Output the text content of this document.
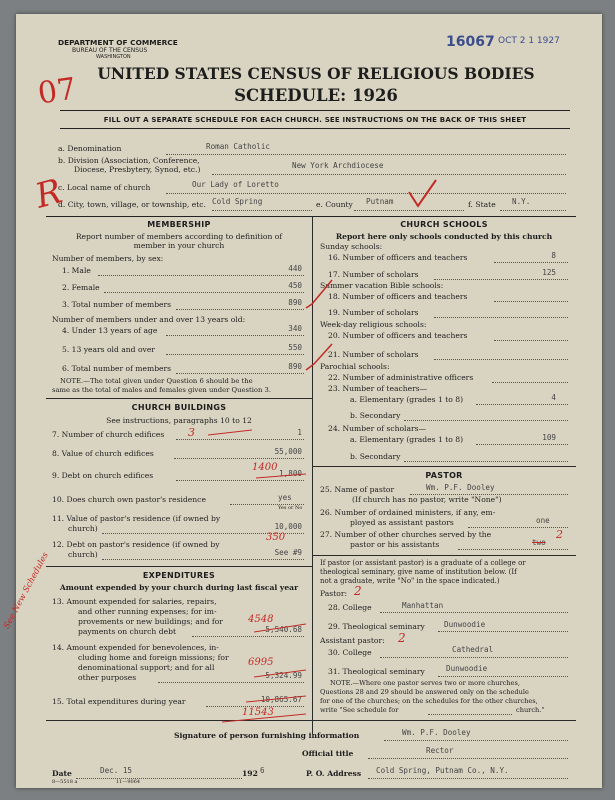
DEPARTMENT OF COMMERCE
BUREAU OF THE CENSUS
WASHINGTON
16067 OCT 2 1 1927
UNITED STATES CENSUS OF RELIGIOUS BODIES
SCHEDULE: 1926
FILL OUT A SEPARATE SCHEDULE FOR EACH CHURCH. SEE INSTRUCTIONS ON THE BACK OF THIS SHEET
a. Denomination	Roman Catholic
b. Division (Association, Conference,
Diocese, Presbytery, Synod, etc.)	New York Archdiocese
c. Local name of church	Our Lady of Loretto
d. City, town, village, or township, etc. Cold Spring	e. County Putnam	f. State N.Y.
MEMBERSHIP
Report number of members according to definition of
member in your church
Number of members, by sex:
1. Male	440
2. Female	450
3. Total number of members	890
Number of members under and over 13 years old:
4. Under 13 years of age	340
5. 13 years old and over	550
6. Total number of members	890
NOTE.—The total given under Question 6 should be the
same as the total of males and females given under Question 3.
CHURCH BUILDINGS
See instructions, paragraphs 10 to 12
7. Number of church edifices	1
3
8. Value of church edifices	55,000
1400
9. Debt on church edifices	1,800
10. Does church own pastor's residence	yes
Yes or No
11. Value of pastor's residence (if owned by
church)	10,000
350
12. Debt on pastor's residence (if owned by
church)	See #9
EXPENDITURES
Amount expended by your church during last fiscal year
13. Amount expended for salaries, repairs,
and other running expenses; for im-
provements or new buildings; and for
payments on church debt	5,540.68
4548
14. Amount expended for benevolences, in-
cluding home and foreign missions; for
denominational support; and for all
other purposes	5,324.99
6995
15. Total expenditures during year	10,865.67
11543
See New Schedules
CHURCH SCHOOLS
Report here only schools conducted by this church
Sunday schools:
16. Number of officers and teachers	8
17. Number of scholars	125
Summer vacation Bible schools:
18. Number of officers and teachers
19. Number of scholars
Week-day religious schools:
20. Number of officers and teachers
21. Number of scholars
Parochial schools:
22. Number of administrative officers
23. Number of teachers—
a. Elementary (grades 1 to 8)	4
b. Secondary
24. Number of scholars—
a. Elementary (grades 1 to 8)	109
b. Secondary
PASTOR
25. Name of pastor	Wm. P.F. Dooley
(If church has no pastor, write "None")
26. Number of ordained ministers, if any, em-
ployed as assistant pastors	one
27. Number of other churches served by the
pastor or his assistants	two
2
If pastor (or assistant pastor) is a graduate of a college or
theological seminary, give name of institution below. (If
not a graduate, write "No" in the space indicated.)
Pastor: 2
28. College	Manhattan
29. Theological seminary	Dunwoodie
Assistant pastor: 2
30. College	Cathedral
31. Theological seminary	Dunwoodie
NOTE.—Where one pastor serves two or more churches,
Questions 28 and 29 should be answered only on the schedule
for one of the churches; on the schedules for the other churches,
write "See schedule for	church."
Signature of person furnishing information	Wm. P.F. Dooley
Official title	Rector
Date	Dec. 15	192 6	P. O. Address Cold Spring, Putnam Co., N.Y.
8—5518 a	11—9064
07
R
